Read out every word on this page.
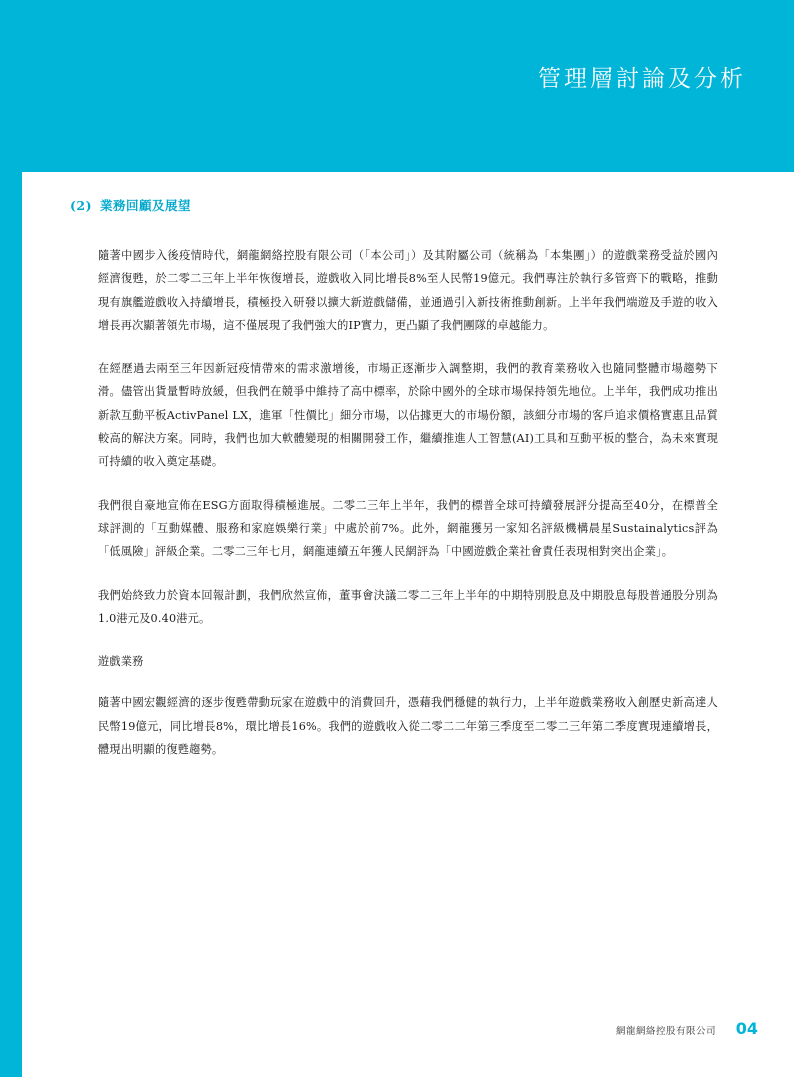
管理層討論及分析
(2) 業務回顧及展望

隨著中國步入後疫情時代，網龍網絡控股有限公司（「本公司」）及其附屬公司（統稱為「本集團」）的遊戲業務受益於國內經濟復甦，於二零二三年上半年恢復增長，遊戲收入同比增長8%至人民幣19億元。我們專注於執行多管齊下的戰略，推動現有旗艦遊戲收入持續增長，積極投入研發以擴大新遊戲儲備，並通過引入新技術推動創新。上半年我們端遊及手遊的收入增長再次顯著領先市場，這不僅展現了我們強大的IP實力，更凸顯了我們團隊的卓越能力。

在經歷過去兩至三年因新冠疫情帶來的需求激增後，市場正逐漸步入調整期，我們的教育業務收入也隨同整體市場趨勢下滑。儘管出貨量暫時放緩，但我們在競爭中維持了高中標率，於除中國外的全球市場保持領先地位。上半年，我們成功推出新款互動平板ActivPanel LX，進軍「性價比」細分市場，以佔據更大的市場份額，該細分市場的客戶追求價格實惠且品質較高的解決方案。同時，我們也加大軟體變現的相關開發工作，繼續推進人工智慧(AI)工具和互動平板的整合，為未來實現可持續的收入奠定基礎。

我們很自豪地宣佈在ESG方面取得積極進展。二零二三年上半年，我們的標普全球可持續發展評分提高至40分，在標普全球評測的「互動媒體、服務和家庭娛樂行業」中處於前7%。此外，網龍獲另一家知名評級機構晨星Sustainalytics評為「低風險」評級企業。二零二三年七月，網龍連續五年獲人民網評為「中國遊戲企業社會責任表現相對突出企業」。

我們始終致力於資本回報計劃，我們欣然宣佈，董事會決議二零二三年上半年的中期特別股息及中期股息每股普通股分別為1.0港元及0.40港元。

遊戲業務

隨著中國宏觀經濟的逐步復甦帶動玩家在遊戲中的消費回升，憑藉我們穩健的執行力，上半年遊戲業務收入創歷史新高達人民幣19億元，同比增長8%，環比增長16%。我們的遊戲收入從二零二二年第三季度至二零二三年第二季度實現連續增長，體現出明顯的復甦趨勢。

網龍網絡控股有限公司 04
